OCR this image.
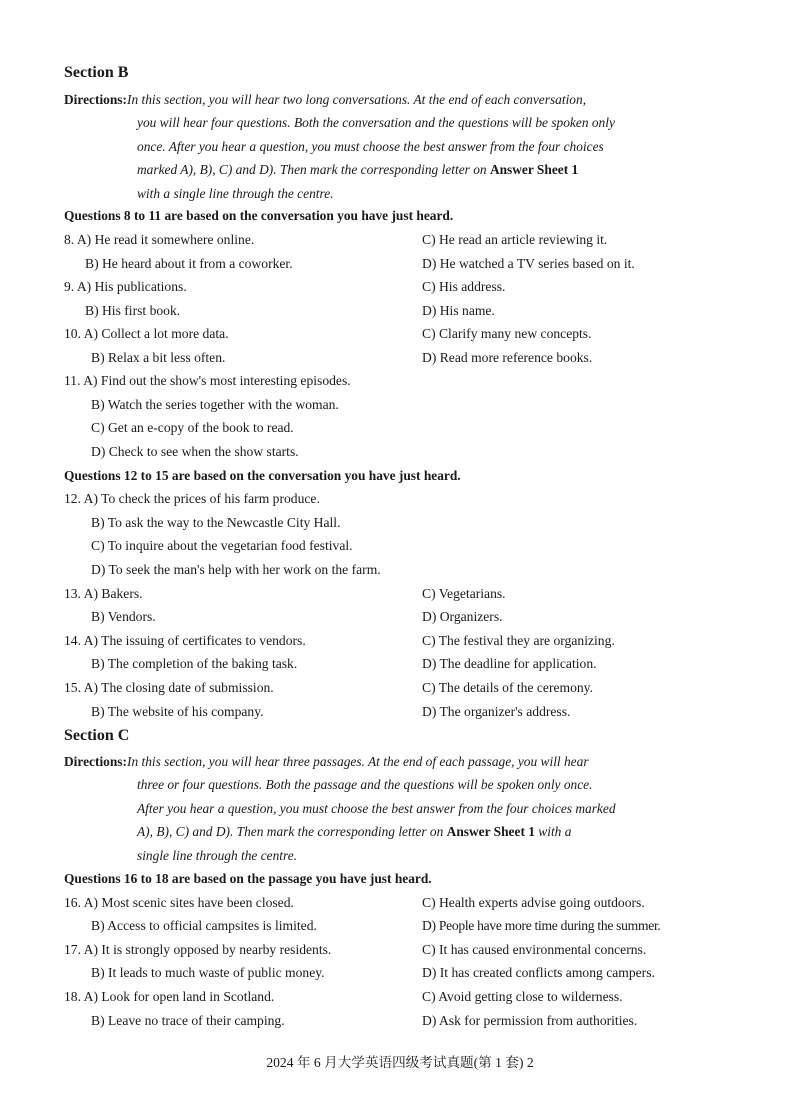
Section B
Directions:In this section, you will hear two long conversations. At the end of each conversation,
you will hear four questions. Both the conversation and the questions will be spoken only
once. After you hear a question, you must choose the best answer from the four choices
marked A), B), C) and D). Then mark the corresponding letter on Answer Sheet 1
with a single line through the centre.
Questions 8 to 11 are based on the conversation you have just heard.
8. A) He read it somewhere online.	C) He read an article reviewing it.
B) He heard about it from a coworker.	D) He watched a TV series based on it.
9. A) His publications.	C) His address.
B) His first book.	D) His name.
10. A) Collect a lot more data.	C) Clarify many new concepts.
B) Relax a bit less often.	D) Read more reference books.
11. A) Find out the show's most interesting episodes.
B) Watch the series together with the woman.
C) Get an e-copy of the book to read.
D) Check to see when the show starts.
Questions 12 to 15 are based on the conversation you have just heard.
12. A) To check the prices of his farm produce.
B) To ask the way to the Newcastle City Hall.
C) To inquire about the vegetarian food festival.
D) To seek the man's help with her work on the farm.
13. A) Bakers.	C) Vegetarians.
B) Vendors.	D) Organizers.
14. A) The issuing of certificates to vendors.	C) The festival they are organizing.
B) The completion of the baking task.	D) The deadline for application.
15. A) The closing date of submission.	C) The details of the ceremony.
B) The website of his company.	D) The organizer's address.
Section C
Directions:In this section, you will hear three passages. At the end of each passage, you will hear
three or four questions. Both the passage and the questions will be spoken only once.
After you hear a question, you must choose the best answer from the four choices marked
A), B), C) and D). Then mark the corresponding letter on Answer Sheet 1 with a
single line through the centre.
Questions 16 to 18 are based on the passage you have just heard.
16. A) Most scenic sites have been closed.	C) Health experts advise going outdoors.
B) Access to official campsites is limited.	D) People have more time during the summer.
17. A) It is strongly opposed by nearby residents.	C) It has caused environmental concerns.
B) It leads to much waste of public money.	D) It has created conflicts among campers.
18. A) Look for open land in Scotland.	C) Avoid getting close to wilderness.
B) Leave no trace of their camping.	D) Ask for permission from authorities.
2024 年 6 月大学英语四级考试真题(第 1 套) 2
